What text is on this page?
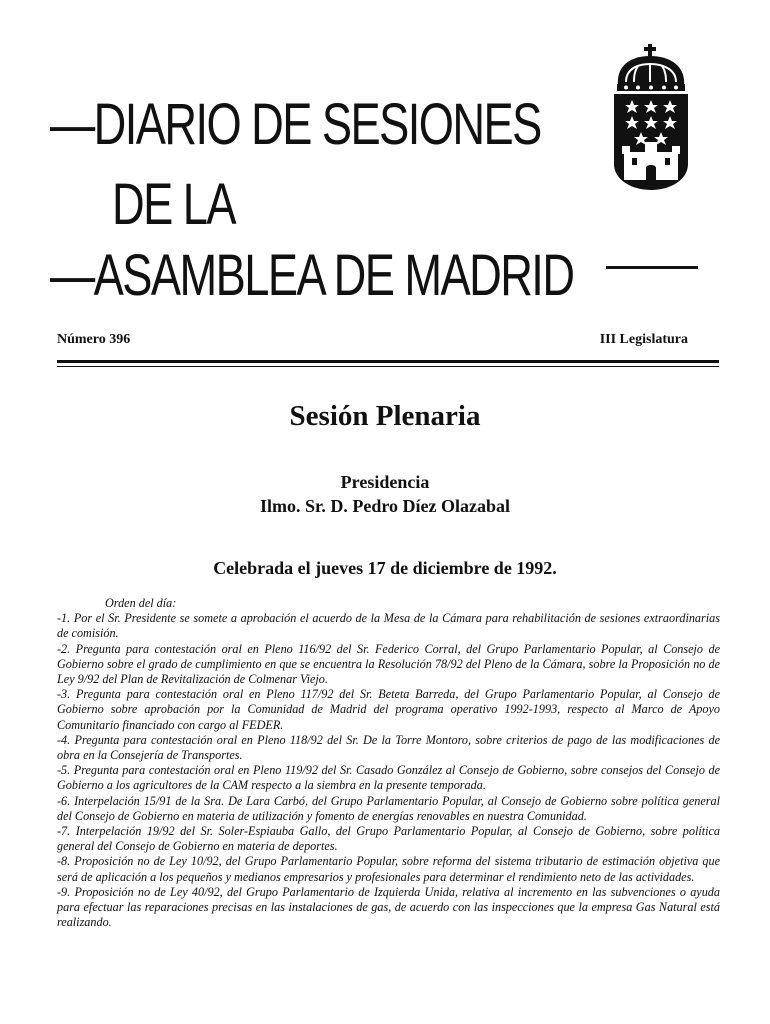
—DIARIO DE SESIONES
DE LA
—ASAMBLEA DE MADRID
Número 396	III Legislatura
Sesión Plenaria
Presidencia
Ilmo. Sr. D. Pedro Díez Olazabal
Celebrada el jueves 17 de diciembre de 1992.

Orden del día:

-1. Por el Sr. Presidente se somete a aprobación el acuerdo de la Mesa de la Cámara para rehabilitación de sesiones extraordinarias de comisión.

-2. Pregunta para contestación oral en Pleno 116/92 del Sr. Federico Corral, del Grupo Parlamentario Popular, al Consejo de Gobierno sobre el grado de cumplimiento en que se encuentra la Resolución 78/92 del Pleno de la Cámara, sobre la Proposición no de Ley 9/92 del Plan de Revitalización de Colmenar Viejo.

-3. Pregunta para contestación oral en Pleno 117/92 del Sr. Beteta Barreda, del Grupo Parlamentario Popular, al Consejo de Gobierno sobre aprobación por la Comunidad de Madrid del programa operativo 1992-1993, respecto al Marco de Apoyo Comunitario financiado con cargo al FEDER.

-4. Pregunta para contestación oral en Pleno 118/92 del Sr. De la Torre Montoro, sobre criterios de pago de las modificaciones de obra en la Consejería de Transportes.

-5. Pregunta para contestación oral en Pleno 119/92 del Sr. Casado González al Consejo de Gobierno, sobre consejos del Consejo de Gobierno a los agricultores de la CAM respecto a la siembra en la presente temporada.

-6. Interpelación 15/91 de la Sra. De Lara Carbó, del Grupo Parlamentario Popular, al Consejo de Gobierno sobre política general del Consejo de Gobierno en materia de utilización y fomento de energías renovables en nuestra Comunidad.

-7. Interpelación 19/92 del Sr. Soler-Espiauba Gallo, del Grupo Parlamentario Popular, al Consejo de Gobierno, sobre política general del Consejo de Gobierno en materia de deportes.

-8. Proposición no de Ley 10/92, del Grupo Parlamentario Popular, sobre reforma del sistema tributario de estimación objetiva que será de aplicación a los pequeños y medianos empresarios y profesionales para determinar el rendimiento neto de las actividades.

-9. Proposición no de Ley 40/92, del Grupo Parlamentario de Izquierda Unida, relativa al incremento en las subvenciones o ayuda para efectuar las reparaciones precisas en las instalaciones de gas, de acuerdo con las inspecciones que la empresa Gas Natural está realizando.
